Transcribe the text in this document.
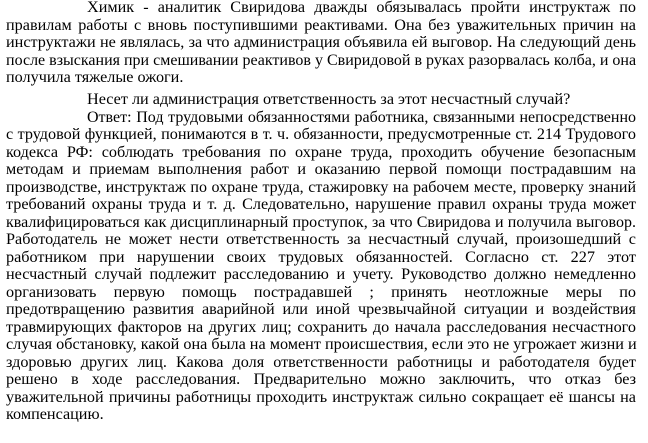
Химик - аналитик Свиридова дважды обязывалась пройти инструктаж по
правилам работы с вновь поступившими реактивами. Она без уважительных причин на
инструктажи не являлась, за что администрация объявила ей выговор. На следующий день
после взыскания при смешивании реактивов у Свиридовой в руках разорвалась колба, и она
получила тяжелые ожоги.
Несет ли администрация ответственность за этот несчастный случай?
Ответ: Под трудовыми обязанностями работника, связанными непосредственно
с трудовой функцией, понимаются в т. ч. обязанности, предусмотренные ст. 214 Трудового
кодекса РФ: соблюдать требования по охране труда, проходить обучение безопасным
методам и приемам выполнения работ и оказанию первой помощи пострадавшим на
производстве, инструктаж по охране труда, стажировку на рабочем месте, проверку знаний
требований охраны труда и т. д. Следовательно, нарушение правил охраны труда может
квалифицироваться как дисциплинарный проступок, за что Свиридова и получила выговор.
Работодатель не может нести ответственность за несчастный случай, произошедший с
работником при нарушении своих трудовых обязанностей. Согласно ст. 227 этот
несчастный случай подлежит расследованию и учету. Руководство должно немедленно
организовать первую помощь пострадавшей ; принять неотложные меры по
предотвращению развития аварийной или иной чрезвычайной ситуации и воздействия
травмирующих факторов на других лиц; сохранить до начала расследования несчастного
случая обстановку, какой она была на момент происшествия, если это не угрожает жизни и
здоровью других лиц. Какова доля ответственности работницы и работодателя будет
решено в ходе расследования. Предварительно можно заключить, что отказ без
уважительной причины работницы проходить инструктаж сильно сокращает её шансы на
компенсацию.
